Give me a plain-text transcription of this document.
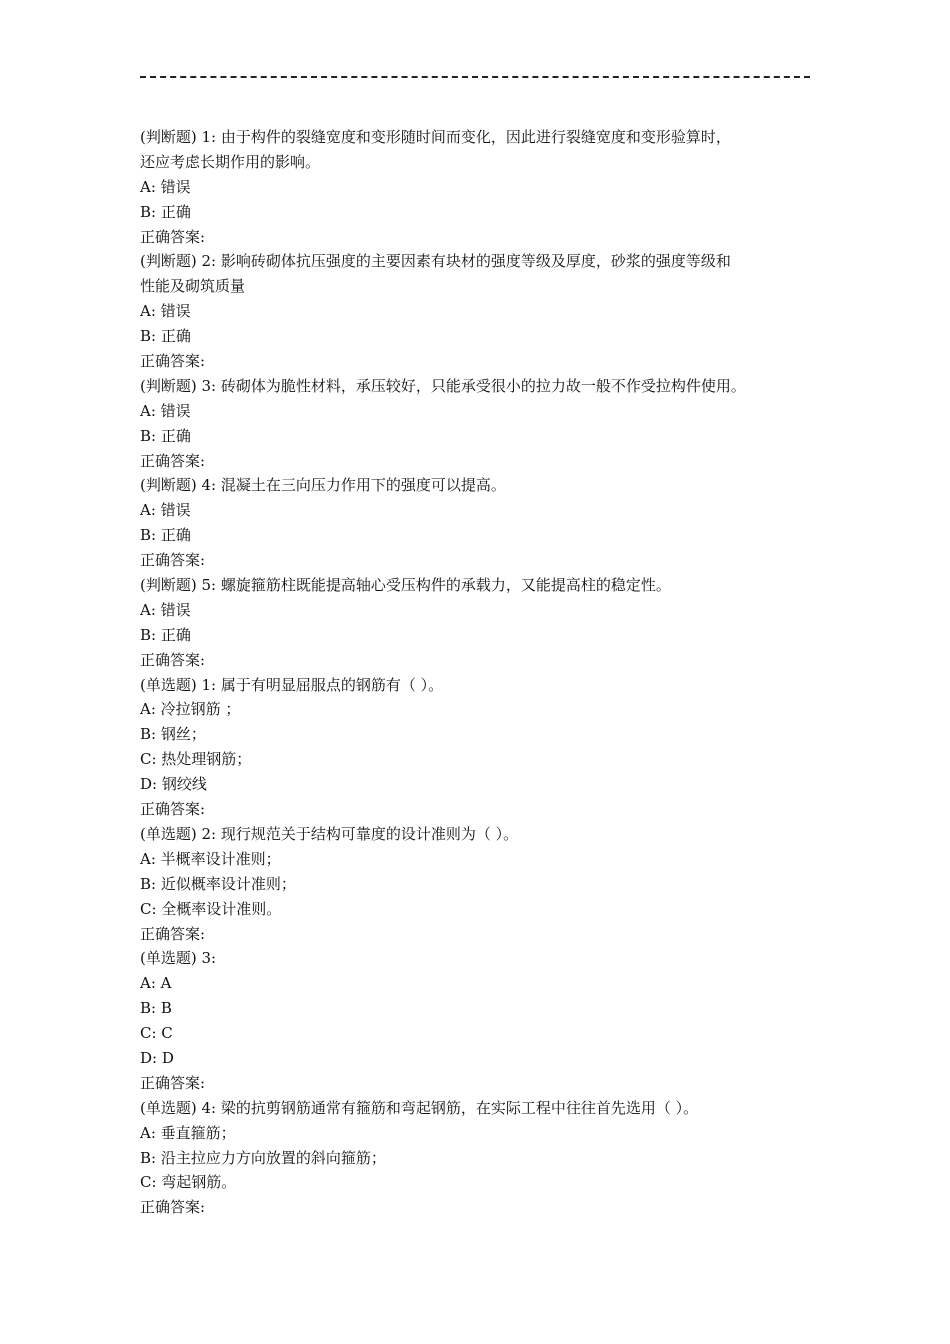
(判断题) 1: 由于构件的裂缝宽度和变形随时间而变化，因此进行裂缝宽度和变形验算时，
还应考虑长期作用的影响。
A: 错误
B: 正确
正确答案:
(判断题) 2: 影响砖砌体抗压强度的主要因素有块材的强度等级及厚度，砂浆的强度等级和
性能及砌筑质量
A: 错误
B: 正确
正确答案:
(判断题) 3: 砖砌体为脆性材料，承压较好，只能承受很小的拉力故一般不作受拉构件使用。
A: 错误
B: 正确
正确答案:
(判断题) 4: 混凝土在三向压力作用下的强度可以提高。
A: 错误
B: 正确
正确答案:
(判断题) 5: 螺旋箍筋柱既能提高轴心受压构件的承载力，又能提高柱的稳定性。
A: 错误
B: 正确
正确答案:
(单选题) 1: 属于有明显屈服点的钢筋有（ ）。
A: 冷拉钢筋 ；
B: 钢丝；
C: 热处理钢筋；
D: 钢绞线
正确答案:
(单选题) 2: 现行规范关于结构可靠度的设计准则为（ ）。
A: 半概率设计准则；
B: 近似概率设计准则；
C: 全概率设计准则。
正确答案:
(单选题) 3:
A: A
B: B
C: C
D: D
正确答案:
(单选题) 4: 梁的抗剪钢筋通常有箍筋和弯起钢筋，在实际工程中往往首先选用（ ）。
A: 垂直箍筋；
B: 沿主拉应力方向放置的斜向箍筋；
C: 弯起钢筋。
正确答案:
